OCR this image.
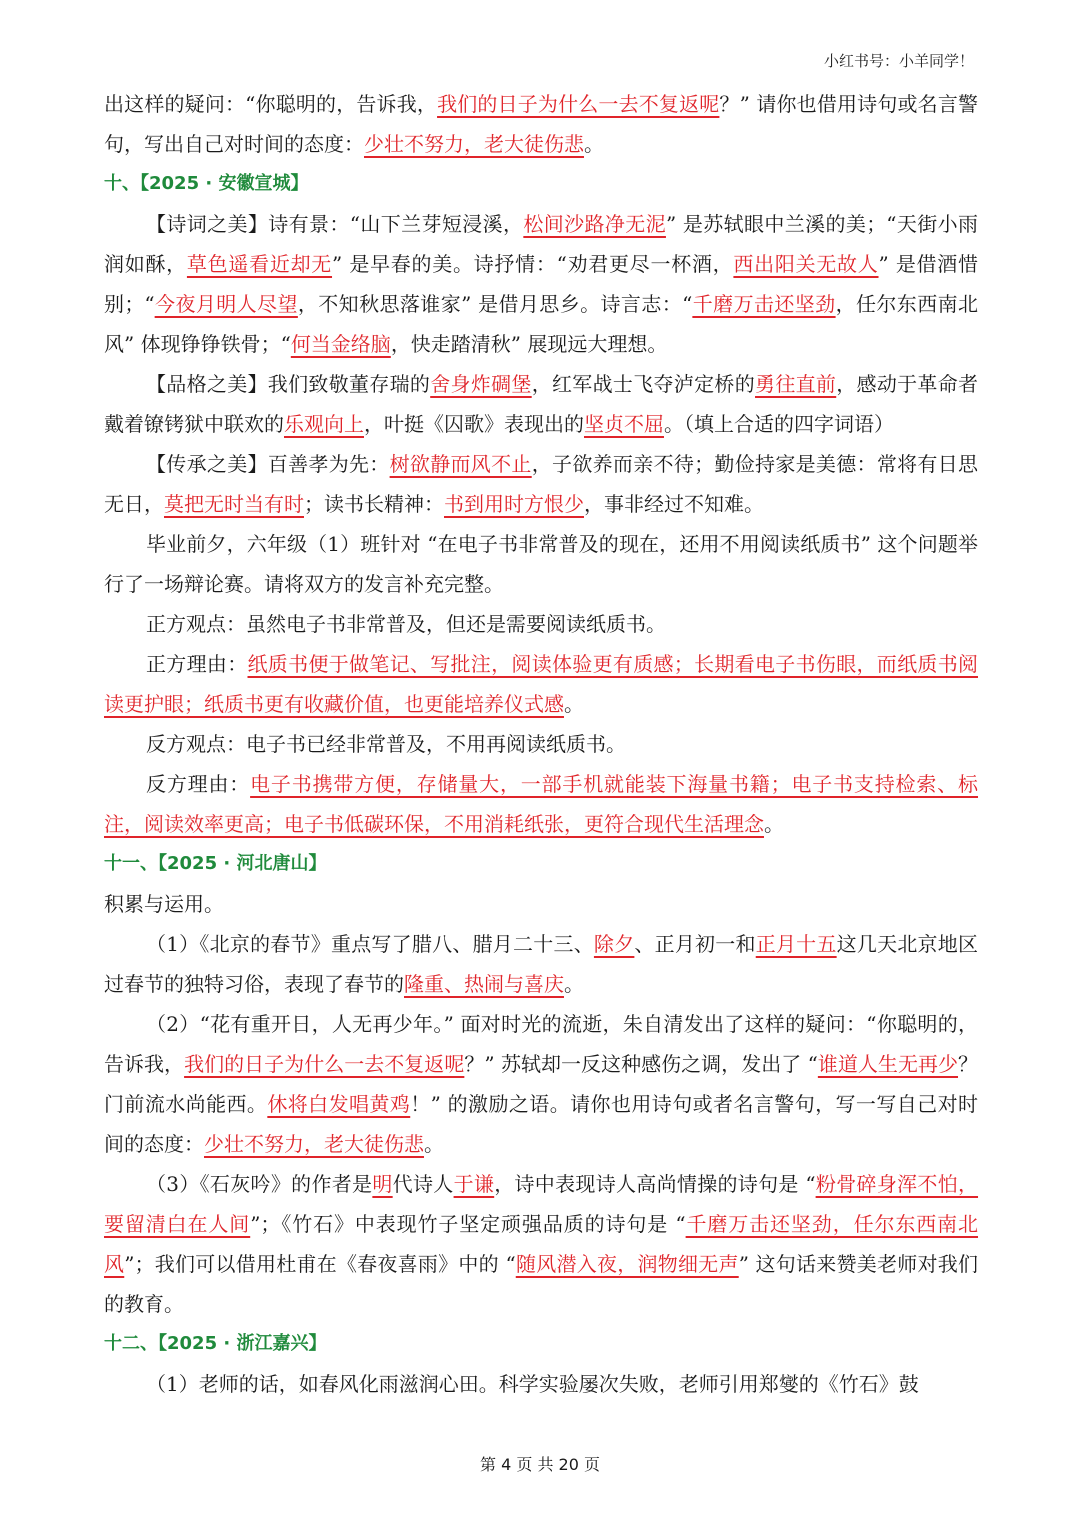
小红书号：小羊同学！

出这样的疑问：“你聪明的，告诉我，我们的日子为什么一去不复返呢？” 请你也借用诗句或名言警句，写出自己对时间的态度：少壮不努力，老大徒伤悲。

十、【2025 · 安徽宣城】

【诗词之美】诗有景：“山下兰芽短浸溪，松间沙路净无泥” 是苏轼眼中兰溪的美；“天街小雨润如酥，草色遥看近却无” 是早春的美。诗抒情：“劝君更尽一杯酒，西出阳关无故人” 是借酒惜别；“今夜月明人尽望，不知秋思落谁家” 是借月思乡。诗言志：“千磨万击还坚劲，任尔东西南北风” 体现铮铮铁骨；“何当金络脑，快走踏清秋” 展现远大理想。

【品格之美】我们致敬董存瑞的舍身炸碉堡，红军战士飞夺泸定桥的勇往直前，感动于革命者戴着镣铐狱中联欢的乐观向上，叶挺《囚歌》表现出的坚贞不屈。（填上合适的四字词语）

【传承之美】百善孝为先：树欲静而风不止，子欲养而亲不待；勤俭持家是美德：常将有日思无日，莫把无时当有时；读书长精神：书到用时方恨少，事非经过不知难。

毕业前夕，六年级（1）班针对 “在电子书非常普及的现在，还用不用阅读纸质书” 这个问题举行了一场辩论赛。请将双方的发言补充完整。

正方观点：虽然电子书非常普及，但还是需要阅读纸质书。

正方理由：纸质书便于做笔记、写批注，阅读体验更有质感；长期看电子书伤眼，而纸质书阅读更护眼；纸质书更有收藏价值，也更能培养仪式感。

反方观点：电子书已经非常普及，不用再阅读纸质书。

反方理由：电子书携带方便，存储量大，一部手机就能装下海量书籍；电子书支持检索、标注，阅读效率更高；电子书低碳环保，不用消耗纸张，更符合现代生活理念。

十一、【2025 · 河北唐山】

积累与运用。

（1）《北京的春节》重点写了腊八、腊月二十三、除夕、正月初一和正月十五这几天北京地区过春节的独特习俗，表现了春节的隆重、热闹与喜庆。

（2）“花有重开日，人无再少年。” 面对时光的流逝，朱自清发出了这样的疑问：“你聪明的，告诉我，我们的日子为什么一去不复返呢？” 苏轼却一反这种感伤之调，发出了 “谁道人生无再少？门前流水尚能西。休将白发唱黄鸡！” 的激励之语。请你也用诗句或者名言警句，写一写自己对时间的态度：少壮不努力，老大徒伤悲。

（3）《石灰吟》的作者是明代诗人于谦，诗中表现诗人高尚情操的诗句是 “粉骨碎身浑不怕，要留清白在人间”；《竹石》中表现竹子坚定顽强品质的诗句是 “千磨万击还坚劲，任尔东西南北风”；我们可以借用杜甫在《春夜喜雨》中的 “随风潜入夜，润物细无声” 这句话来赞美老师对我们的教育。

十二、【2025 · 浙江嘉兴】

（1）老师的话，如春风化雨滋润心田。科学实验屡次失败，老师引用郑燮的《竹石》鼓

第 4 页 共 20 页
